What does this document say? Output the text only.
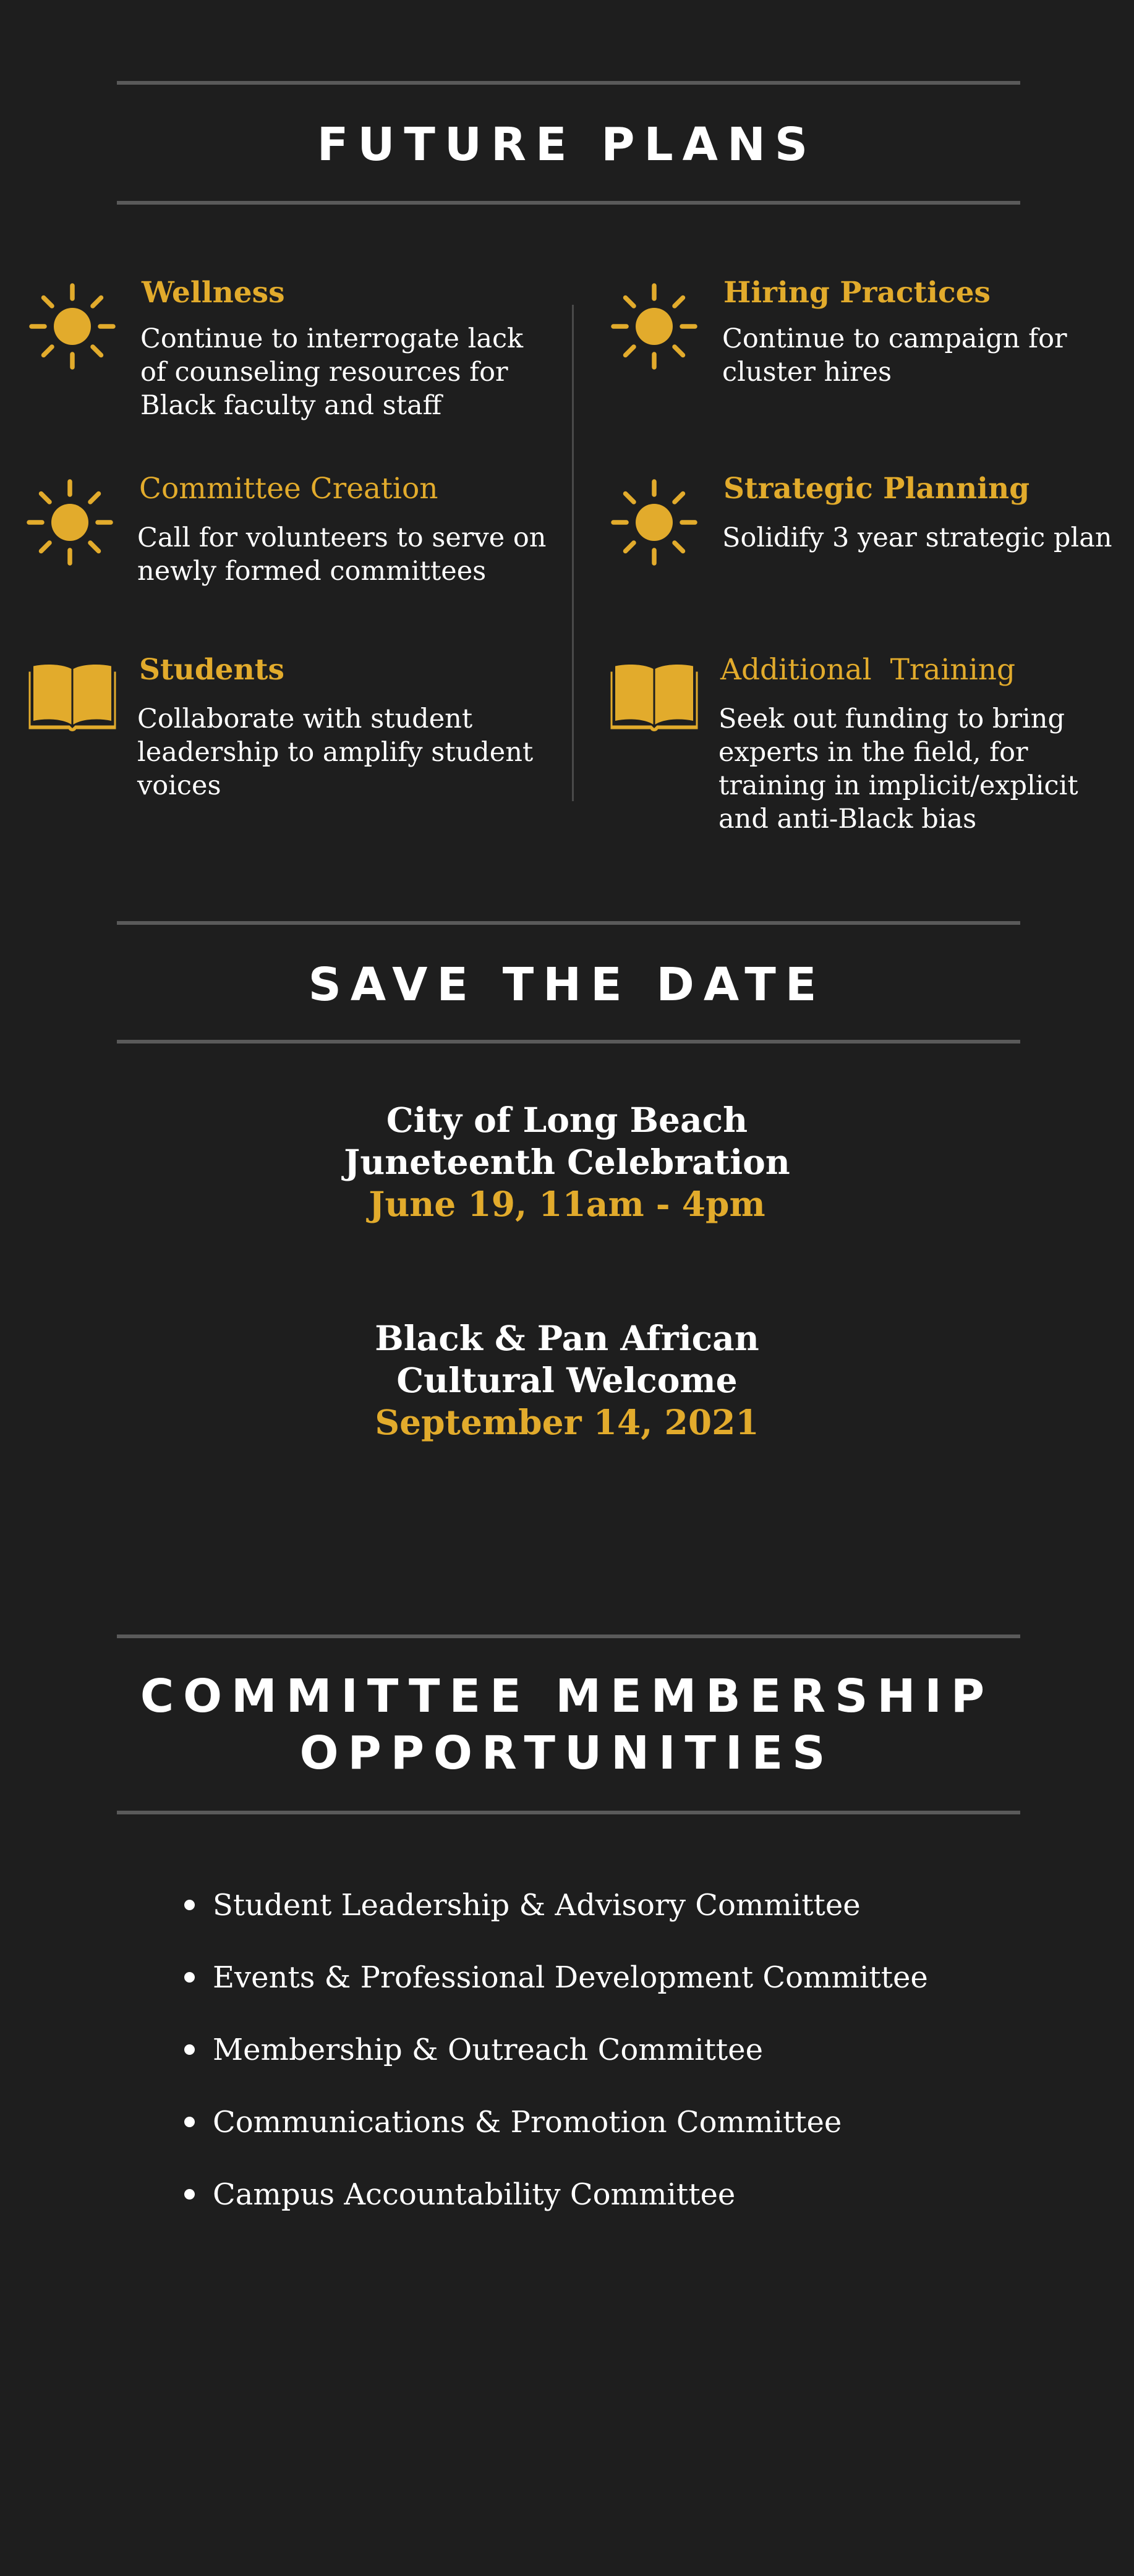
FUTURE PLANS
Wellness
Continue to interrogate lack of counseling resources for Black faculty and staff
Hiring Practices
Continue to campaign for cluster hires
Committee Creation
Call for volunteers to serve on newly formed committees
Strategic Planning
Solidify 3 year strategic plan
Students
Collaborate with student leadership to amplify student voices
Additional  Training
Seek out funding to bring experts in the field, for training in implicit/explicit and anti-Black bias
SAVE THE DATE
City of Long Beach
Juneteenth Celebration
June 19, 11am - 4pm
Black & Pan African
Cultural Welcome
September 14, 2021
COMMITTEE MEMBERSHIP
OPPORTUNITIES
Student Leadership & Advisory Committee
Events & Professional Development Committee
Membership & Outreach Committee
Communications & Promotion Committee
Campus Accountability Committee
